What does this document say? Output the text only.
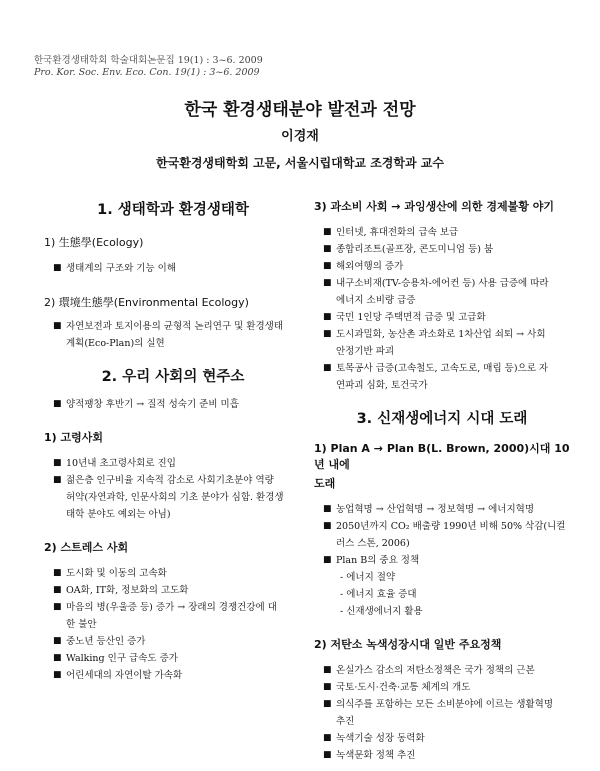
한국환경생태학회 학술대회논문집 19(1) : 3~6. 2009
Pro. Kor. Soc. Env. Eco. Con. 19(1) : 3~6. 2009
한국 환경생태분야 발전과 전망
이경재
한국환경생태학회 고문, 서울시립대학교 조경학과 교수

1. 생태학과 환경생태학

1) 生態學(Ecology)

■ 생태계의 구조와 기능 이해

2) 環境生態學(Environmental Ecology)

■ 자연보전과 토지이용의 균형적 논리연구 및 환경생태
계획(Eco-Plan)의 실현

2. 우리 사회의 현주소

■ 양적팽창 후반기 → 질적 성숙기 준비 미흡

1) 고령사회

■ 10년내 초고령사회로 진입
■ 젊은층 인구비율 지속적 감소로 사회기초분야 역량
허약(자연과학, 인문사회의 기초 분야가 심함. 환경생
태학 분야도 예외는 아님)

2) 스트레스 사회

■ 도시화 및 이동의 고속화
■ OA화, IT화, 정보화의 고도화
■ 마음의 병(우울증 등) 증가 → 장래의 경쟁건강에 대
한 불안
■ 중노년 등산인 증가
■ Walking 인구 급속도 증가
■ 어린세대의 자연이탈 가속화

3) 과소비 사회 → 과잉생산에 의한 경제불황 야기

■ 인터넷, 휴대전화의 급속 보급
■ 종합리조트(골프장, 콘도미니엄 등) 붐
■ 해외여행의 증가
■ 내구소비재(TV-승용차-에어컨 등) 사용 급증에 따라
에너지 소비량 급증
■ 국민 1인당 주택면적 급증 및 고급화
■ 도시과밀화, 농산촌 과소화로 1차산업 쇠퇴 → 사회
안정기반 파괴
■ 토목공사 급증(고속철도, 고속도로, 매립 등)으로 자
연파괴 심화, 토건국가

3. 신재생에너지 시대 도래

1) Plan A → Plan B(L. Brown, 2000)시대 10년 내에

도래

■ 농업혁명 → 산업혁명 → 정보혁명 → 에너지혁명
■ 2050년까지 CO₂ 배출량 1990년 비해 50% 삭감(니컬
러스 스톤, 2006)
■ Plan B의 중요 정책
- 에너지 절약
- 에너지 효율 증대
- 신재생에너지 활용

2) 저탄소 녹색성장시대 일반 주요정책

■ 온실가스 감소의 저탄소정책은 국가 정책의 근본
■ 국토·도시·건축·교통 체계의 개도
■ 의식주를 포함하는 모든 소비분야에 이르는 생활혁명
추진
■ 녹색기술 성장 동력화
■ 녹색문화 정책 추진
